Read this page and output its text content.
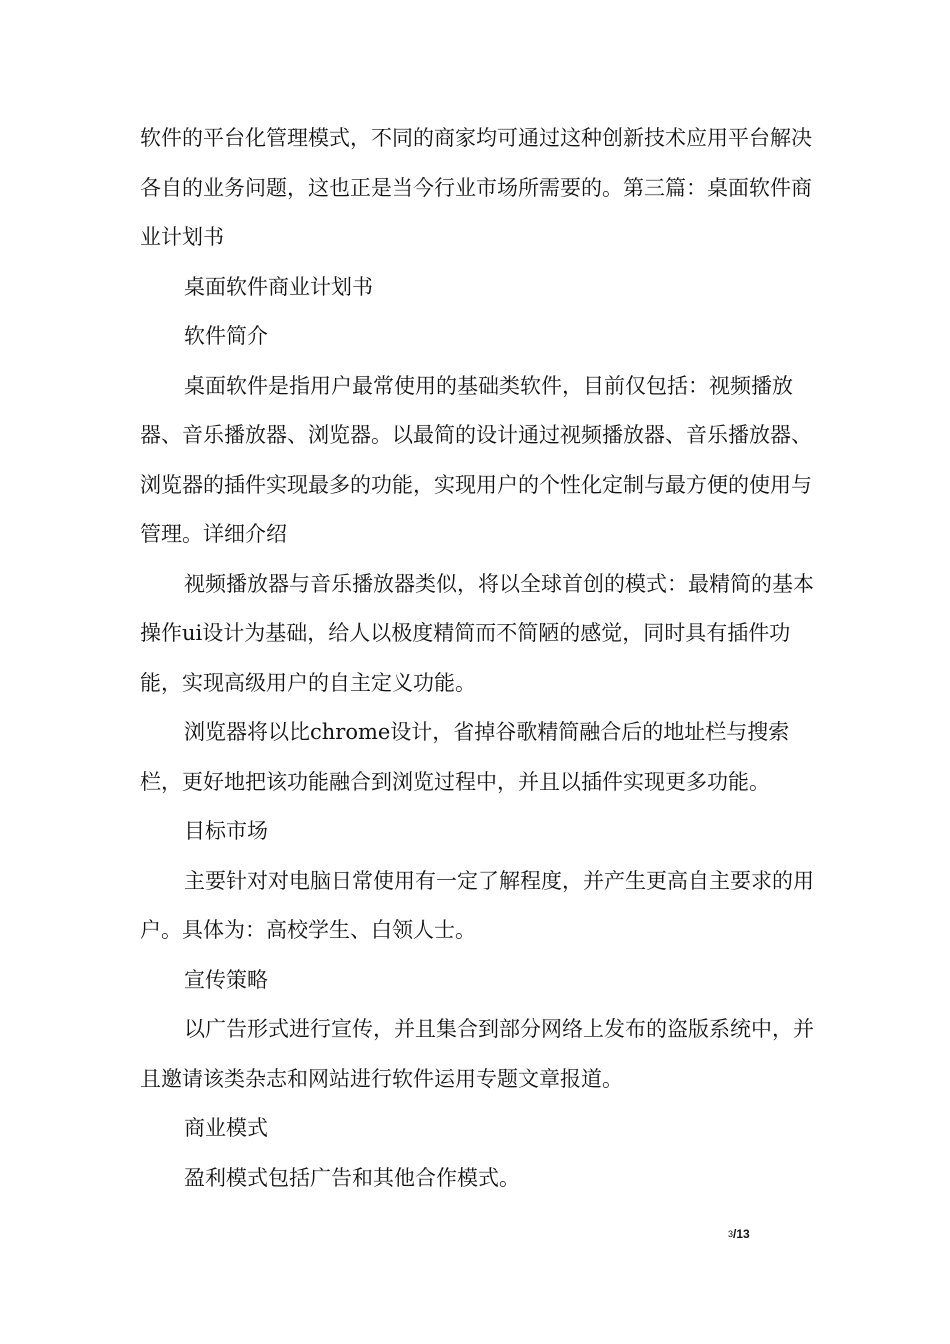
软件的平台化管理模式，不同的商家均可通过这种创新技术应用平台解决各自的业务问题，这也正是当今行业市场所需要的。第三篇：桌面软件商业计划书

桌面软件商业计划书

软件简介

桌面软件是指用户最常使用的基础类软件，目前仅包括：视频播放器、音乐播放器、浏览器。以最简的设计通过视频播放器、音乐播放器、浏览器的插件实现最多的功能，实现用户的个性化定制与最方便的使用与管理。详细介绍

视频播放器与音乐播放器类似，将以全球首创的模式：最精简的基本操作ui设计为基础，给人以极度精简而不简陋的感觉，同时具有插件功能，实现高级用户的自主定义功能。

浏览器将以比chrome设计，省掉谷歌精简融合后的地址栏与搜索栏，更好地把该功能融合到浏览过程中，并且以插件实现更多功能。

目标市场

主要针对对电脑日常使用有一定了解程度，并产生更高自主要求的用户。具体为：高校学生、白领人士。

宣传策略

以广告形式进行宣传，并且集合到部分网络上发布的盗版系统中，并且邀请该类杂志和网站进行软件运用专题文章报道。

商业模式

盈利模式包括广告和其他合作模式。

$^3$/13
